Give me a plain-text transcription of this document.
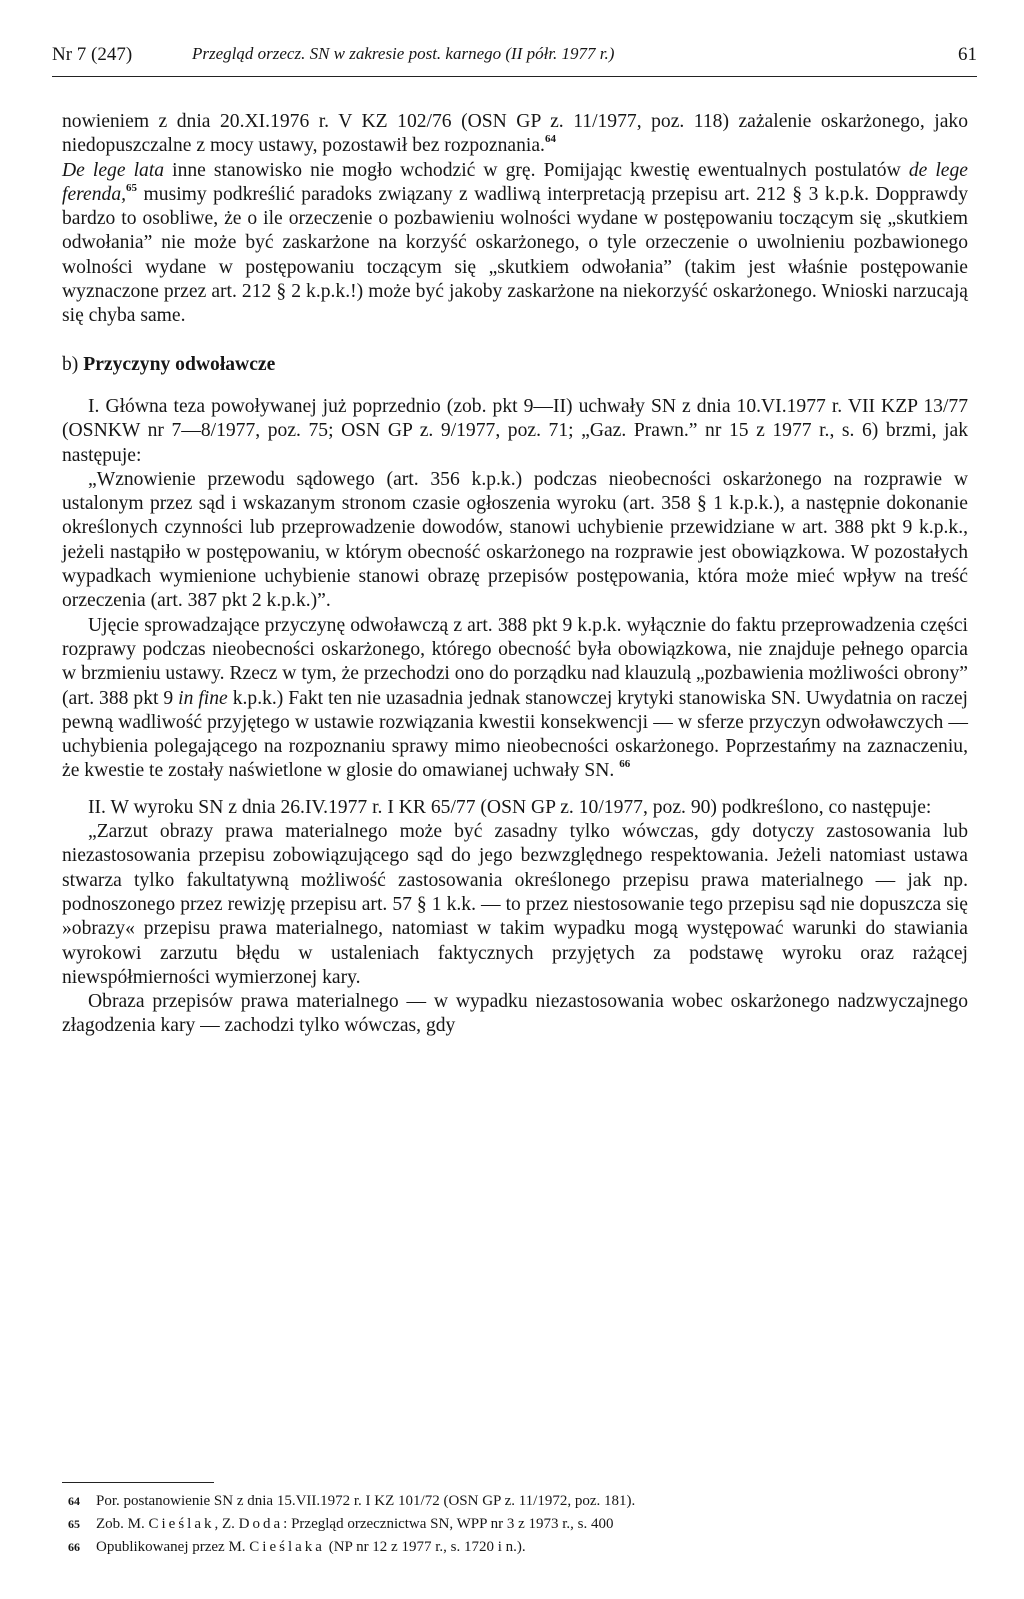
Nr 7 (247)	Przegląd orzecz. SN w zakresie post. karnego (II półr. 1977 r.)	61

nowieniem z dnia 20.XI.1976 r. V KZ 102/76 (OSN GP z. 11/1977, poz. 118) zażalenie oskarżonego, jako niedopuszczalne z mocy ustawy, pozostawił bez rozpoznania.$^{64}$
De lege lata inne stanowisko nie mogło wchodzić w grę. Pomijając kwestię ewentualnych postulatów de lege ferenda,$^{65}$ musimy podkreślić paradoks związany z wadliwą interpretacją przepisu art. 212 § 3 k.p.k. Dopprawdy bardzo to osobliwe, że o ile orzeczenie o pozbawieniu wolności wydane w postępowaniu toczącym się „skutkiem odwołania” nie może być zaskarżone na korzyść oskarżonego, o tyle orzeczenie o uwolnieniu pozbawionego wolności wydane w postępowaniu toczącym się „skutkiem odwołania” (takim jest właśnie postępowanie wyznaczone przez art. 212 § 2 k.p.k.!) może być jakoby zaskarżone na niekorzyść oskarżonego. Wnioski narzucają się chyba same.

b) Przyczyny odwoławcze

I. Główna teza powoływanej już poprzednio (zob. pkt 9—II) uchwały SN z dnia 10.VI.1977 r. VII KZP 13/77 (OSNKW nr 7—8/1977, poz. 75; OSN GP z. 9/1977, poz. 71; „Gaz. Prawn.” nr 15 z 1977 r., s. 6) brzmi, jak następuje:

„Wznowienie przewodu sądowego (art. 356 k.p.k.) podczas nieobecności oskarżonego na rozprawie w ustalonym przez sąd i wskazanym stronom czasie ogłoszenia wyroku (art. 358 § 1 k.p.k.), a następnie dokonanie określonych czynności lub przeprowadzenie dowodów, stanowi uchybienie przewidziane w art. 388 pkt 9 k.p.k., jeżeli nastąpiło w postępowaniu, w którym obecność oskarżonego na rozprawie jest obowiązkowa. W pozostałych wypadkach wymienione uchybienie stanowi obrazę przepisów postępowania, która może mieć wpływ na treść orzeczenia (art. 387 pkt 2 k.p.k.)”.

Ujęcie sprowadzające przyczynę odwoławczą z art. 388 pkt 9 k.p.k. wyłącznie do faktu przeprowadzenia części rozprawy podczas nieobecności oskarżonego, którego obecność była obowiązkowa, nie znajduje pełnego oparcia w brzmieniu ustawy. Rzecz w tym, że przechodzi ono do porządku nad klauzulą „pozbawienia możliwości obrony” (art. 388 pkt 9 in fine k.p.k.) Fakt ten nie uzasadnia jednak stanowczej krytyki stanowiska SN. Uwydatnia on raczej pewną wadliwość przyjętego w ustawie rozwiązania kwestii konsekwencji — w sferze przyczyn odwoławczych — uchybienia polegającego na rozpoznaniu sprawy mimo nieobecności oskarżonego. Poprzestańmy na zaznaczeniu, że kwestie te zostały naświetlone w glosie do omawianej uchwały SN. $^{66}$

II. W wyroku SN z dnia 26.IV.1977 r. I KR 65/77 (OSN GP z. 10/1977, poz. 90) podkreślono, co następuje:

„Zarzut obrazy prawa materialnego może być zasadny tylko wówczas, gdy dotyczy zastosowania lub niezastosowania przepisu zobowiązującego sąd do jego bezwzględnego respektowania. Jeżeli natomiast ustawa stwarza tylko fakultatywną możliwość zastosowania określonego przepisu prawa materialnego — jak np. podnoszonego przez rewizję przepisu art. 57 § 1 k.k. — to przez niestosowanie tego przepisu sąd nie dopuszcza się »obrazy« przepisu prawa materialnego, natomiast w takim wypadku mogą występować warunki do stawiania wyrokowi zarzutu błędu w ustaleniach faktycznych przyjętych za podstawę wyroku oraz rażącej niewspółmierności wymierzonej kary.

Obraza przepisów prawa materialnego — w wypadku niezastosowania wobec oskarżonego nadzwyczajnego złagodzenia kary — zachodzi tylko wówczas, gdy

64 Por. postanowienie SN z dnia 15.VII.1972 r. I KZ 101/72 (OSN GP z. 11/1972, poz. 181).
65 Zob. M. Cieślak, Z. Doda: Przegląd orzecznictwa SN, WPP nr 3 z 1973 r., s. 400
66 Opublikowanej przez M. Cieślaka (NP nr 12 z 1977 r., s. 1720 i n.).
